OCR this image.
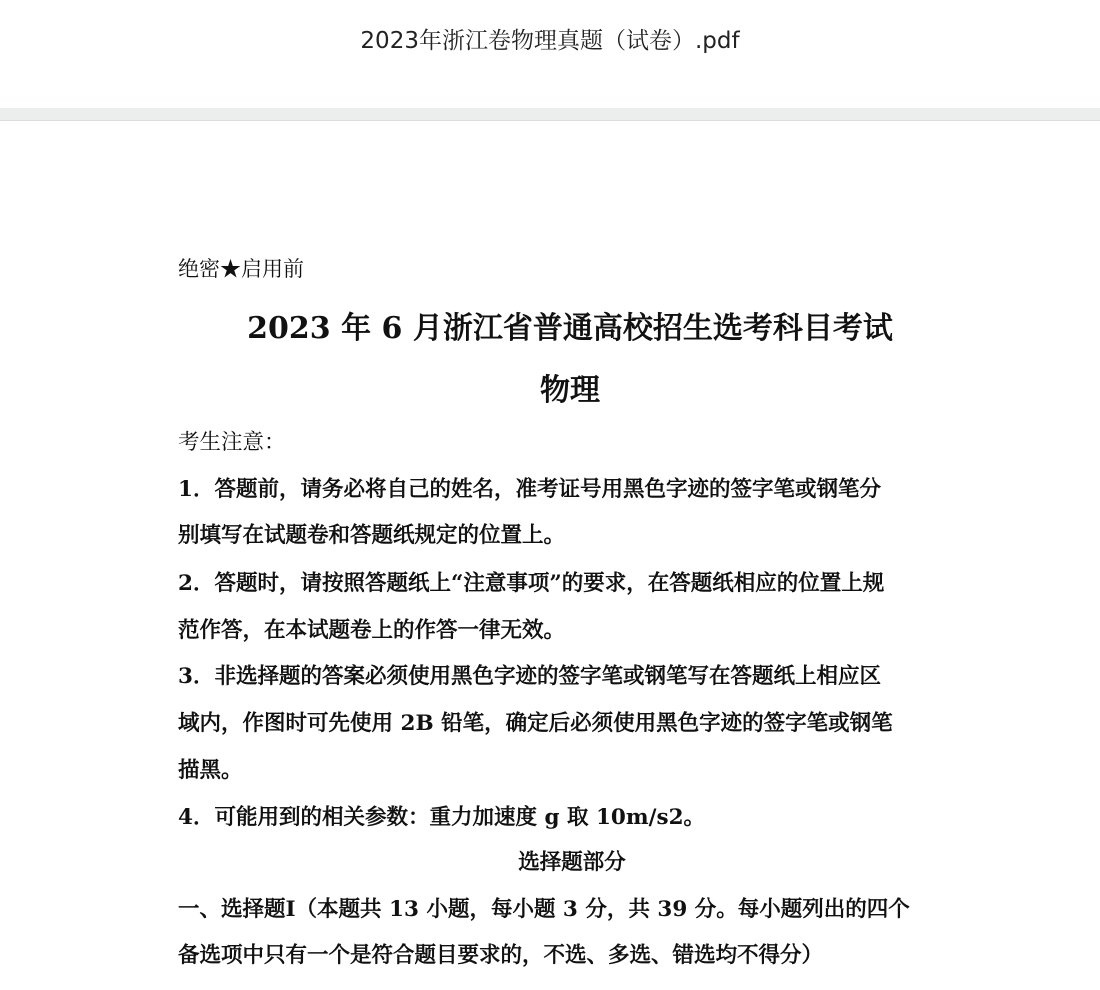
2023年浙江卷物理真题（试卷）.pdf
绝密★启用前
2023 年 6 月浙江省普通高校招生选考科目考试
物理
考生注意：
1．答题前，请务必将自己的姓名，准考证号用黑色字迹的签字笔或钢笔分
别填写在试题卷和答题纸规定的位置上。
2．答题时，请按照答题纸上“注意事项”的要求，在答题纸相应的位置上规
范作答，在本试题卷上的作答一律无效。
3．非选择题的答案必须使用黑色字迹的签字笔或钢笔写在答题纸上相应区
域内，作图时可先使用 2B 铅笔，确定后必须使用黑色字迹的签字笔或钢笔
描黑。
4．可能用到的相关参数：重力加速度 g 取 10m/s2。
选择题部分
一、选择题Ⅰ（本题共 13 小题，每小题 3 分，共 39 分。每小题列出的四个
备选项中只有一个是符合题目要求的，不选、多选、错选均不得分）
